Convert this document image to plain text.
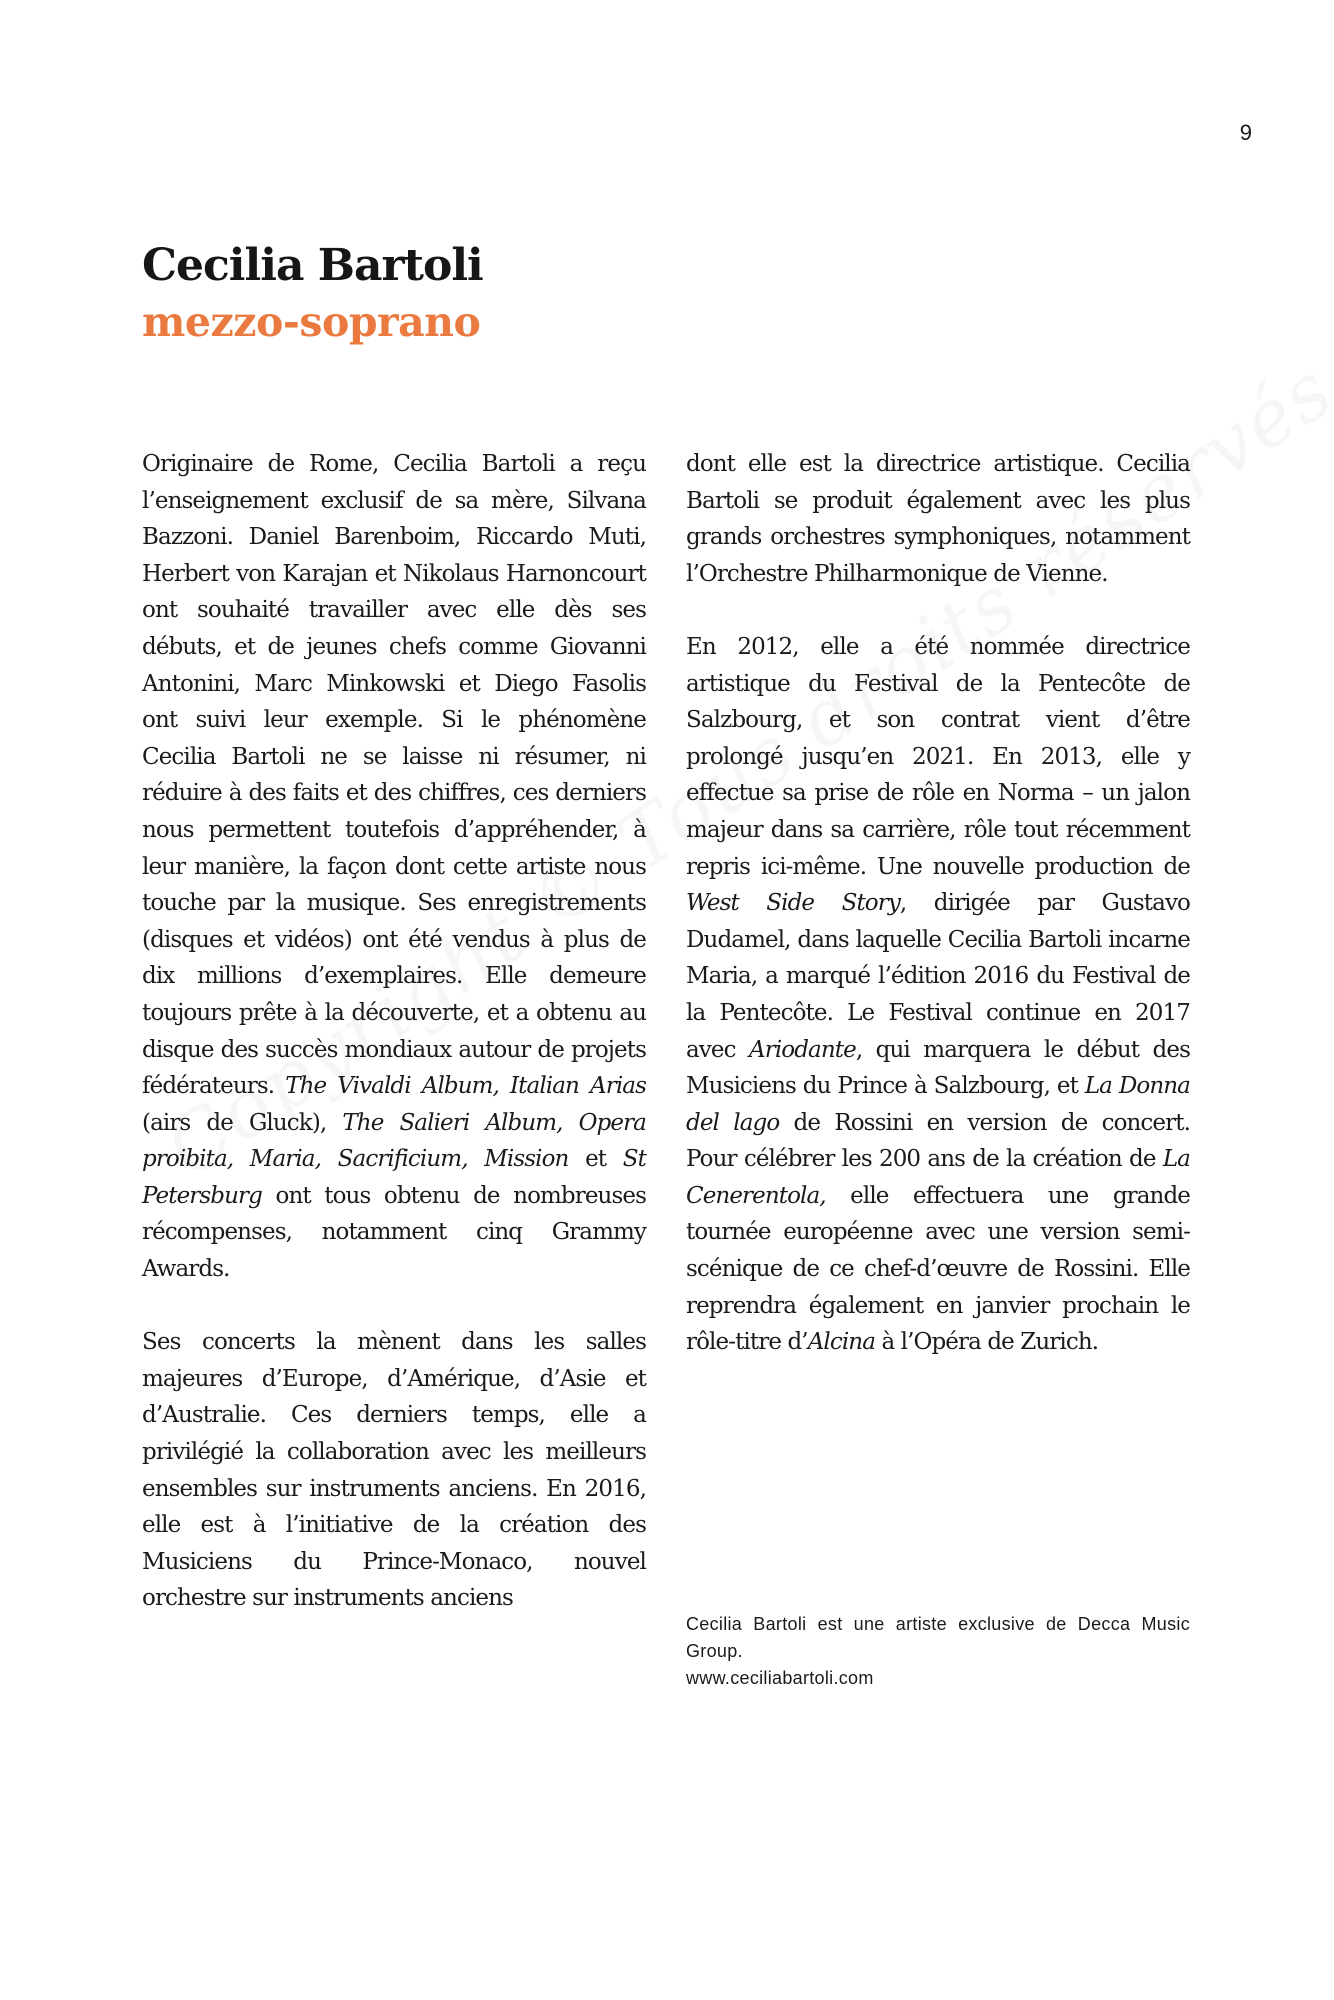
9
Cecilia Bartoli
mezzo-soprano

Originaire de Rome, Cecilia Bartoli a reçu l’enseignement exclusif de sa mère, Silvana Bazzoni. Daniel Barenboim, Riccardo Muti, Herbert von Karajan et Nikolaus Harnoncourt ont souhaité travailler avec elle dès ses débuts, et de jeunes chefs comme Giovanni Antonini, Marc Minkowski et Diego Fasolis ont suivi leur exemple. Si le phénomène Cecilia Bartoli ne se laisse ni résumer, ni réduire à des faits et des chiffres, ces derniers nous permettent toutefois d’appréhender, à leur manière, la façon dont cette artiste nous touche par la musique. Ses enregistrements (disques et vidéos) ont été vendus à plus de dix millions d’exemplaires. Elle demeure toujours prête à la découverte, et a obtenu au disque des succès mondiaux autour de projets fédérateurs. The Vivaldi Album, Italian Arias (airs de Gluck), The Salieri Album, Opera proibita, Maria, Sacrificium, Mission et St Petersburg ont tous obtenu de nombreuses récompenses, notamment cinq Grammy Awards.

Ses concerts la mènent dans les salles majeures d’Europe, d’Amérique, d’Asie et d’Australie. Ces derniers temps, elle a privilégié la collaboration avec les meilleurs ensembles sur instruments anciens. En 2016, elle est à l’initiative de la création des Musiciens du Prince-Monaco, nouvel orchestre sur instruments anciens

dont elle est la directrice artistique. Cecilia Bartoli se produit également avec les plus grands orchestres symphoniques, notamment l’Orchestre Philharmonique de Vienne.

En 2012, elle a été nommée directrice artistique du Festival de la Pentecôte de Salzbourg, et son contrat vient d’être prolongé jusqu’en 2021. En 2013, elle y effectue sa prise de rôle en Norma – un jalon majeur dans sa carrière, rôle tout récemment repris ici-même. Une nouvelle production de West Side Story, dirigée par Gustavo Dudamel, dans laquelle Cecilia Bartoli incarne Maria, a marqué l’édition 2016 du Festival de la Pentecôte. Le Festival continue en 2017 avec Ariodante, qui marquera le début des Musiciens du Prince à Salzbourg, et La Donna del lago de Rossini en version de concert. Pour célébrer les 200 ans de la création de La Cenerentola, elle effectuera une grande tournée européenne avec une version semi-scénique de ce chef-d’œuvre de Rossini. Elle reprendra également en janvier prochain le rôle-titre d’Alcina à l’Opéra de Zurich.

Cecilia Bartoli est une artiste exclusive de Decca Music Group.
www.ceciliabartoli.com
